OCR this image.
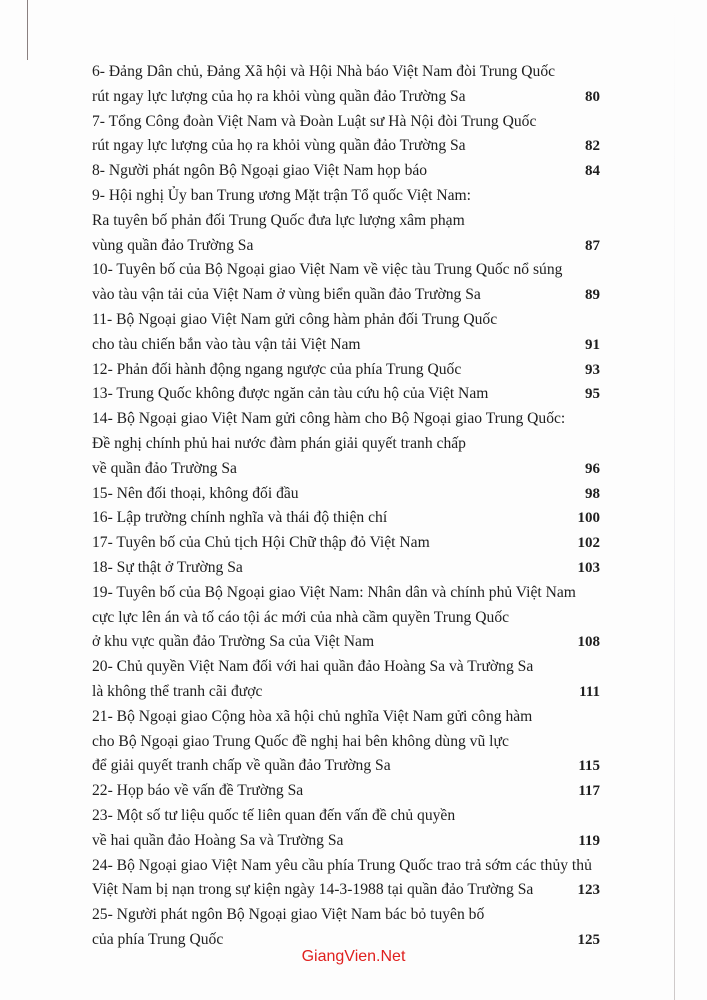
6- Đảng Dân chủ, Đảng Xã hội và Hội Nhà báo Việt Nam đòi Trung Quốc
rút ngay lực lượng của họ ra khỏi vùng quần đảo Trường Sa	80
7- Tổng Công đoàn Việt Nam và Đoàn Luật sư Hà Nội đòi Trung Quốc
rút ngay lực lượng của họ ra khỏi vùng quần đảo Trường Sa	82
8- Người phát ngôn Bộ Ngoại giao Việt Nam họp báo	84
9- Hội nghị Ủy ban Trung ương Mặt trận Tổ quốc Việt Nam:
Ra tuyên bố phản đối Trung Quốc đưa lực lượng xâm phạm
vùng quần đảo Trường Sa	87
10- Tuyên bố của Bộ Ngoại giao Việt Nam về việc tàu Trung Quốc nổ súng
vào tàu vận tải của Việt Nam ở vùng biển quần đảo Trường Sa	89
11- Bộ Ngoại giao Việt Nam gửi công hàm phản đối Trung Quốc
cho tàu chiến bắn vào tàu vận tải Việt Nam	91
12- Phản đối hành động ngang ngược của phía Trung Quốc	93
13- Trung Quốc không được ngăn cản tàu cứu hộ của Việt Nam	95
14- Bộ Ngoại giao Việt Nam gửi công hàm cho Bộ Ngoại giao Trung Quốc:
Đề nghị chính phủ hai nước đàm phán giải quyết tranh chấp
về quần đảo Trường Sa	96
15- Nên đối thoại, không đối đầu	98
16- Lập trường chính nghĩa và thái độ thiện chí	100
17- Tuyên bố của Chủ tịch Hội Chữ thập đỏ Việt Nam	102
18- Sự thật ở Trường Sa	103
19- Tuyên bố của Bộ Ngoại giao Việt Nam: Nhân dân và chính phủ Việt Nam
cực lực lên án và tố cáo tội ác mới của nhà cầm quyền Trung Quốc
ở khu vực quần đảo Trường Sa của Việt Nam	108
20- Chủ quyền Việt Nam đối với hai quần đảo Hoàng Sa và Trường Sa
là không thể tranh cãi được	111
21- Bộ Ngoại giao Cộng hòa xã hội chủ nghĩa Việt Nam gửi công hàm
cho Bộ Ngoại giao Trung Quốc đề nghị hai bên không dùng vũ lực
để giải quyết tranh chấp về quần đảo Trường Sa	115
22- Họp báo về vấn đề Trường Sa	117
23- Một số tư liệu quốc tế liên quan đến vấn đề chủ quyền
về hai quần đảo Hoàng Sa và Trường Sa	119
24- Bộ Ngoại giao Việt Nam yêu cầu phía Trung Quốc trao trả sớm các thủy thủ
Việt Nam bị nạn trong sự kiện ngày 14-3-1988 tại quần đảo Trường Sa	123
25- Người phát ngôn Bộ Ngoại giao Việt Nam bác bỏ tuyên bố
của phía Trung Quốc	125
GiangVien.Net
